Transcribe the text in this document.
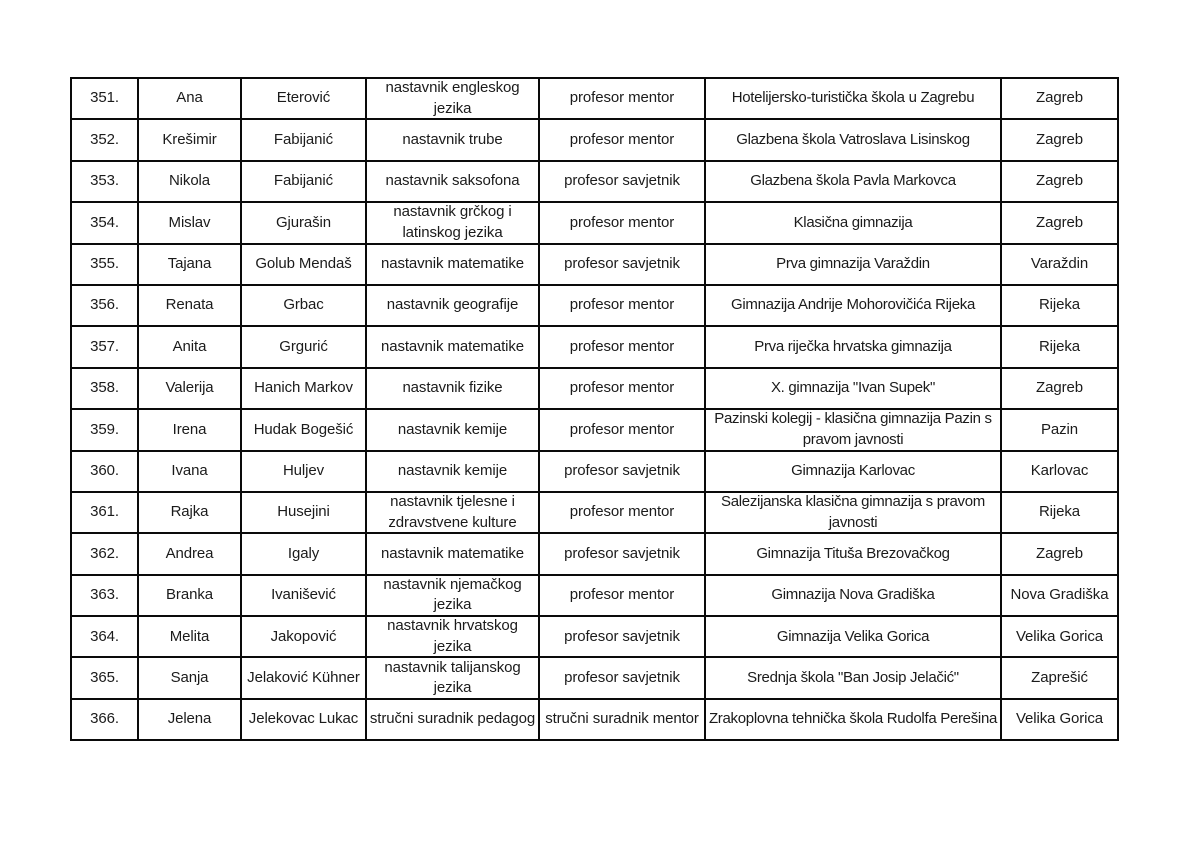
351.	Ana	Eterović	nastavnik engleskog jezika	profesor mentor	Hotelijersko-turistička škola u Zagrebu	Zagreb

352.	Krešimir	Fabijanić	nastavnik trube	profesor mentor	Glazbena škola Vatroslava Lisinskog	Zagreb

353.	Nikola	Fabijanić	nastavnik saksofona	profesor savjetnik	Glazbena škola Pavla Markovca	Zagreb

354.	Mislav	Gjurašin	nastavnik grčkog i latinskog jezika	profesor mentor	Klasična gimnazija	Zagreb

355.	Tajana	Golub Mendaš	nastavnik matematike	profesor savjetnik	Prva gimnazija Varaždin	Varaždin

356.	Renata	Grbac	nastavnik geografije	profesor mentor	Gimnazija Andrije Mohorovičića Rijeka	Rijeka

357.	Anita	Grgurić	nastavnik matematike	profesor mentor	Prva riječka hrvatska gimnazija	Rijeka

358.	Valerija	Hanich Markov	nastavnik fizike	profesor mentor	X. gimnazija "Ivan Supek"	Zagreb

359.	Irena	Hudak Bogešić	nastavnik kemije	profesor mentor	Pazinski kolegij - klasična gimnazija Pazin s pravom javnosti	Pazin

360.	Ivana	Huljev	nastavnik kemije	profesor savjetnik	Gimnazija Karlovac	Karlovac

361.	Rajka	Husejini	nastavnik tjelesne i zdravstvene kulture	profesor mentor	Salezijanska klasična gimnazija s pravom javnosti	Rijeka

362.	Andrea	Igaly	nastavnik matematike	profesor savjetnik	Gimnazija Tituša Brezovačkog	Zagreb

363.	Branka	Ivanišević	nastavnik njemačkog jezika	profesor mentor	Gimnazija Nova Gradiška	Nova Gradiška

364.	Melita	Jakopović	nastavnik hrvatskog jezika	profesor savjetnik	Gimnazija Velika Gorica	Velika Gorica

365.	Sanja	Jelaković Kühner	nastavnik talijanskog jezika	profesor savjetnik	Srednja škola "Ban Josip Jelačić"	Zaprešić

366.	Jelena	Jelekovac Lukac	stručni suradnik pedagog	stručni suradnik mentor	Zrakoplovna tehnička škola Rudolfa Perešina	Velika Gorica
